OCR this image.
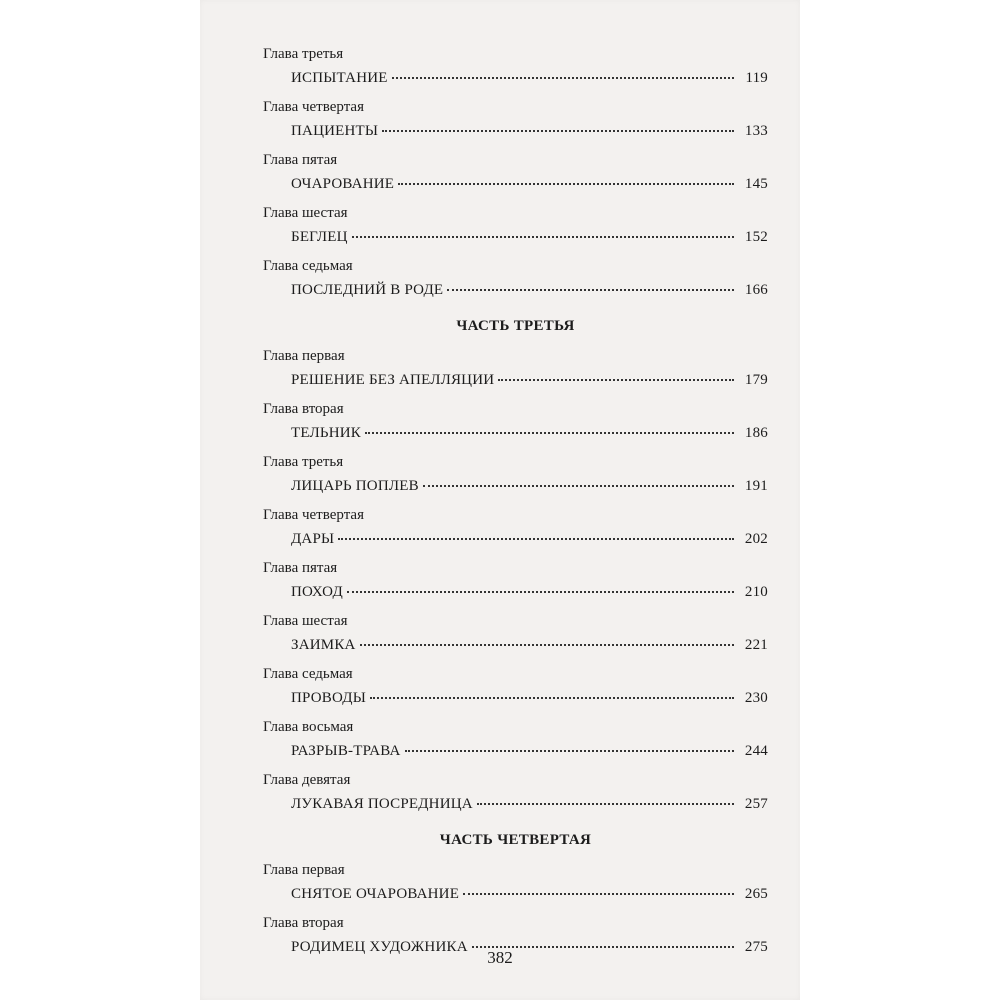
Глава третья
ИСПЫТАНИЕ	119
Глава четвертая
ПАЦИЕНТЫ	133
Глава пятая
ОЧАРОВАНИЕ	145
Глава шестая
БЕГЛЕЦ	152
Глава седьмая
ПОСЛЕДНИЙ В РОДЕ	166
ЧАСТЬ ТРЕТЬЯ
Глава первая
РЕШЕНИЕ БЕЗ АПЕЛЛЯЦИИ	179
Глава вторая
ТЕЛЬНИК	186
Глава третья
ЛИЦАРЬ ПОПЛЕВ	191
Глава четвертая
ДАРЫ	202
Глава пятая
ПОХОД	210
Глава шестая
ЗАИМКА	221
Глава седьмая
ПРОВОДЫ	230
Глава восьмая
РАЗРЫВ-ТРАВА	244
Глава девятая
ЛУКАВАЯ ПОСРЕДНИЦА	257
ЧАСТЬ ЧЕТВЕРТАЯ
Глава первая
СНЯТОЕ ОЧАРОВАНИЕ	265
Глава вторая
РОДИМЕЦ ХУДОЖНИКА	275
382
